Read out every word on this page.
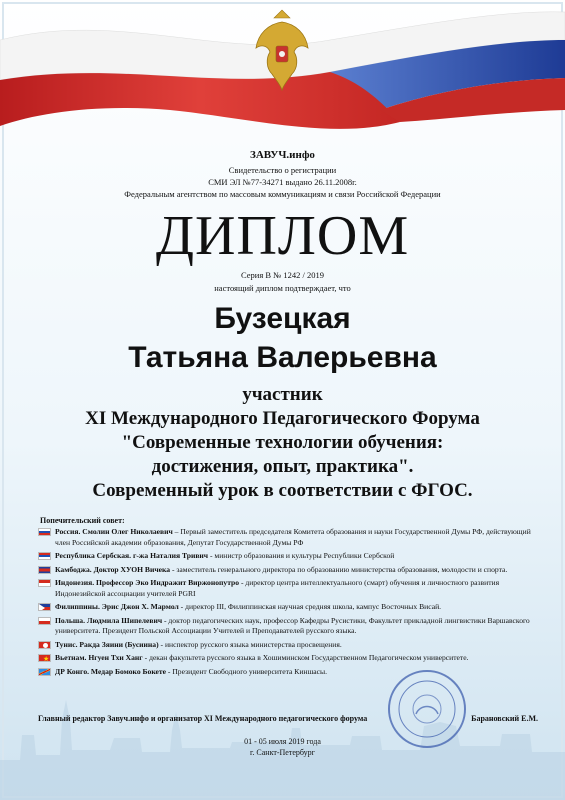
ЗАВУЧ.инфо
Свидетельство о регистрации
СМИ ЭЛ №77-34271 выдано 26.11.2008г.
Федеральным агентством по массовым коммуникациям и связи Российской Федерации
ДИПЛОМ
Серия В № 1242 / 2019
настоящий диплом подтверждает, что
Бузецкая
Татьяна Валерьевна
участник
XI Международного Педагогического Форума
"Современные технологии обучения:
достижения, опыт, практика".
Современный урок в соответствии с ФГОС.
Попечительский совет:
Россия. Смолин Олег Николаевич – Первый заместитель председателя Комитета образования и науки Государственной Думы РФ, действующий член Российской академии образования, Депутат Государственной Думы РФ
Республика Сербская. г-жа Наталия Тривич - министр образования и культуры Республики Сербской
Камбоджа. Доктор ХУОН Вичека - заместитель генерального директора по образованию министерства образования, молодости и спорта.
Индонезия. Профессор Эко Индражит Виржонопутро - директор центра интеллектуального (смарт) обучения и личностного развития Индонезийской ассоциации учителей PGRI
Филиппины. Эрис Джон Х. Мармол - директор III, Филиппинская научная средняя школа, кампус Восточных Висай.
Польша. Людмила Шипелевич - доктор педагогических наук, профессор Кафедры Русистики, Факультет прикладной лингвистики Варшавского университета. Президент Польской Ассоциации Учителей и Преподавателей русского языка.
Тунис. Ракда Зяини (Бусиина) - инспектор русского языка министерства просвещения.
★ Вьетнам. Нгуен Тхи Ханг - декан факультета русского языка в Хошиминском Государственном Педагогическом университете.
ДР Конго. Медар Бомоко Бокете - Президент Свободного университета Киншасы.
Главный редактор Завуч.инфо и организатор XI Международного педагогического форума	Барановский Е.М.
01 - 05 июля 2019 года
г. Санкт-Петербург
